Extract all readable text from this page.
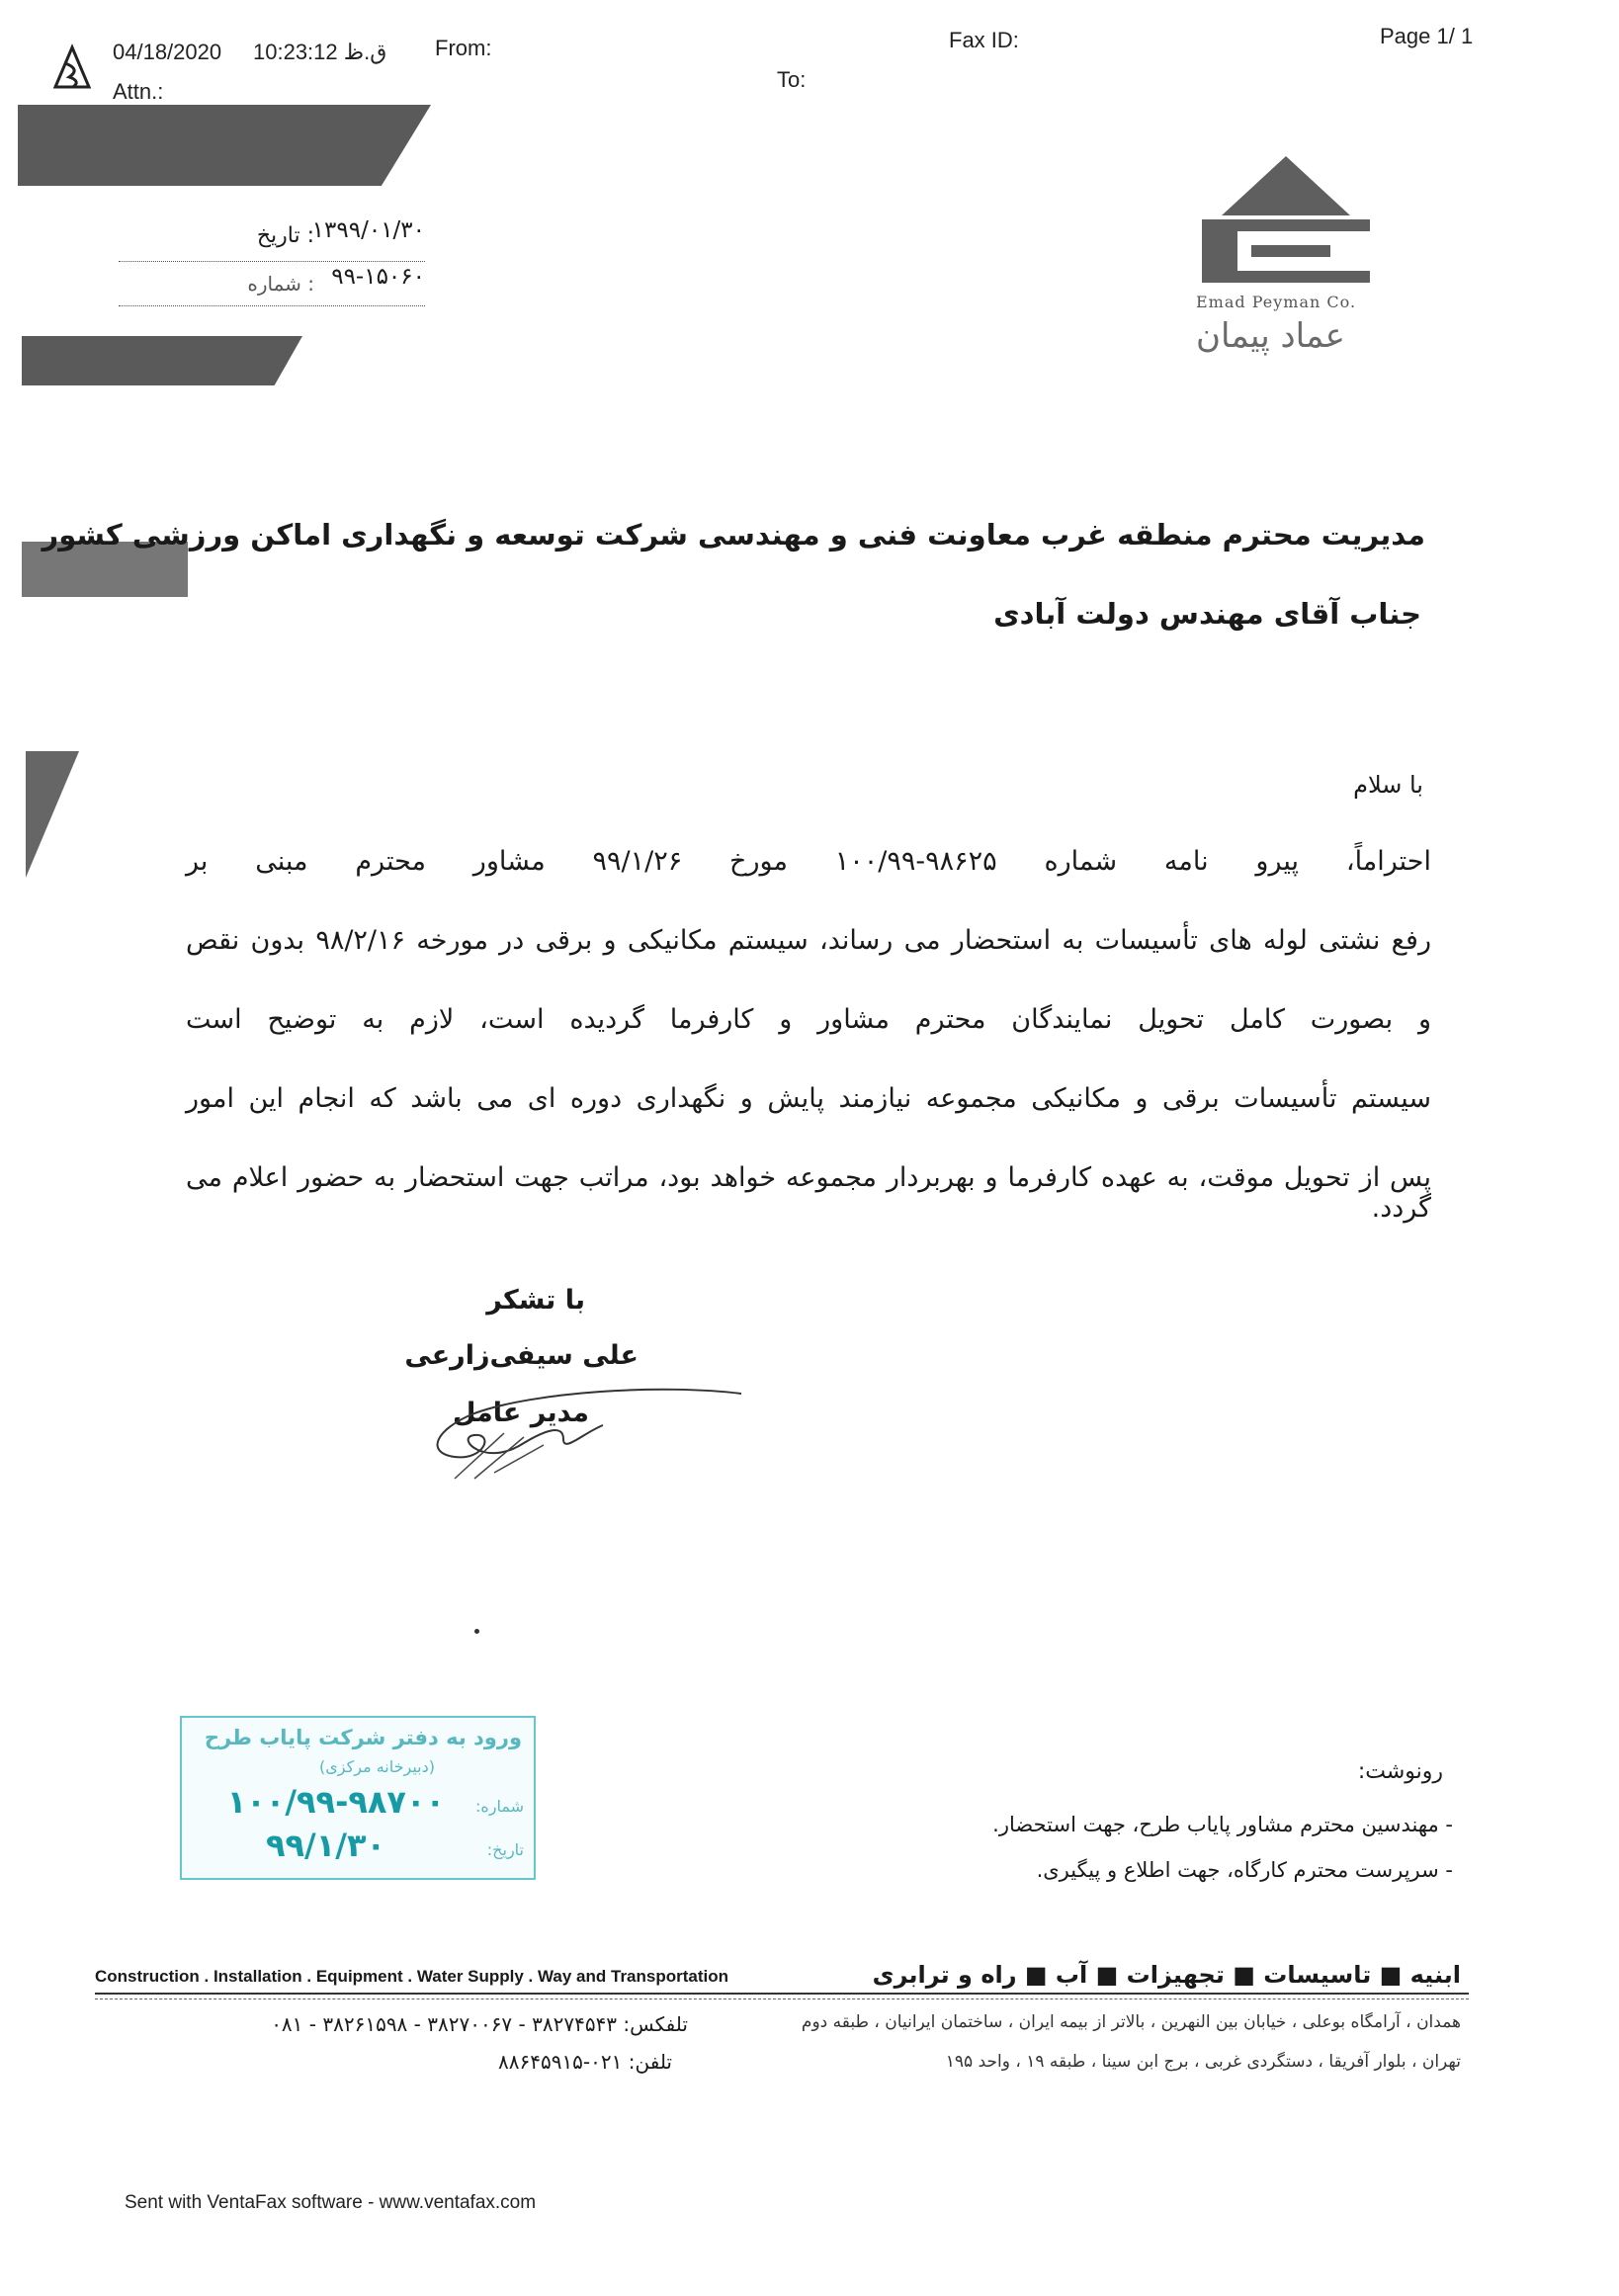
04/18/2020 10:23:12 ق.ظ From:	Fax ID:	Page 1/ 1
Attn.:	To:
: تاریخ
۱۳۹۹/۰۱/۳۰
: شماره ۹۹-۱۵۰۶۰
Emad Peyman Co.
عماد پیمان
مدیریت محترم منطقه غرب معاونت فنی و مهندسی شرکت توسعه و نگهداری اماکن ورزشی کشور
جناب آقای مهندس دولت آبادی
با سلام
احتراماً، پیرو نامه شماره ۹۸۶۲۵-۱۰۰/۹۹ مورخ ۹۹/۱/۲۶ مشاور محترم مبنی بر
رفع نشتی لوله های تأسیسات به استحضار می رساند، سیستم مکانیکی و برقی در مورخه ۹۸/۲/۱۶ بدون نقص
و بصورت کامل تحویل نمایندگان محترم مشاور و کارفرما گردیده است، لازم به توضیح است
سیستم تأسیسات برقی و مکانیکی مجموعه نیازمند پایش و نگهداری دوره ای می باشد که انجام این امور
پس از تحویل موقت، به عهده کارفرما و بهربردار مجموعه خواهد بود، مراتب جهت استحضار به حضور اعلام می گردد.
با تشکر
علی سیفی‌زارعی
مدیر عامل
ورود به دفتر شرکت پایاب طرح
(دبیرخانه مرکزی)
شماره:
۱۰۰/۹۹-۹۸۷۰۰
تاریخ:
۹۹/۱/۳۰
رونوشت:
- مهندسین محترم مشاور پایاب طرح، جهت استحضار.
- سرپرست محترم کارگاه، جهت اطلاع و پیگیری.
Construction . Installation . Equipment . Water Supply . Way and Transportation	ابنیه ■ تاسیسات ■ تجهیزات ■ آب ■ راه و ترابری
همدان ، آرامگاه بوعلی ، خیابان بین النهرین ، بالاتر از بیمه ایران ، ساختمان ایرانیان ، طبقه دوم
تلفکس: ۳۸۲۷۴۵۴۳ - ۳۸۲۷۰۰۶۷ - ۳۸۲۶۱۵۹۸ - ۰۸۱
تهران ، بلوار آفریقا ، دستگردی غربی ، برج ابن سینا ، طبقه ۱۹ ، واحد ۱۹۵
تلفن: ۰۲۱-۸۸۶۴۵۹۱۵
Sent with VentaFax software - www.ventafax.com
